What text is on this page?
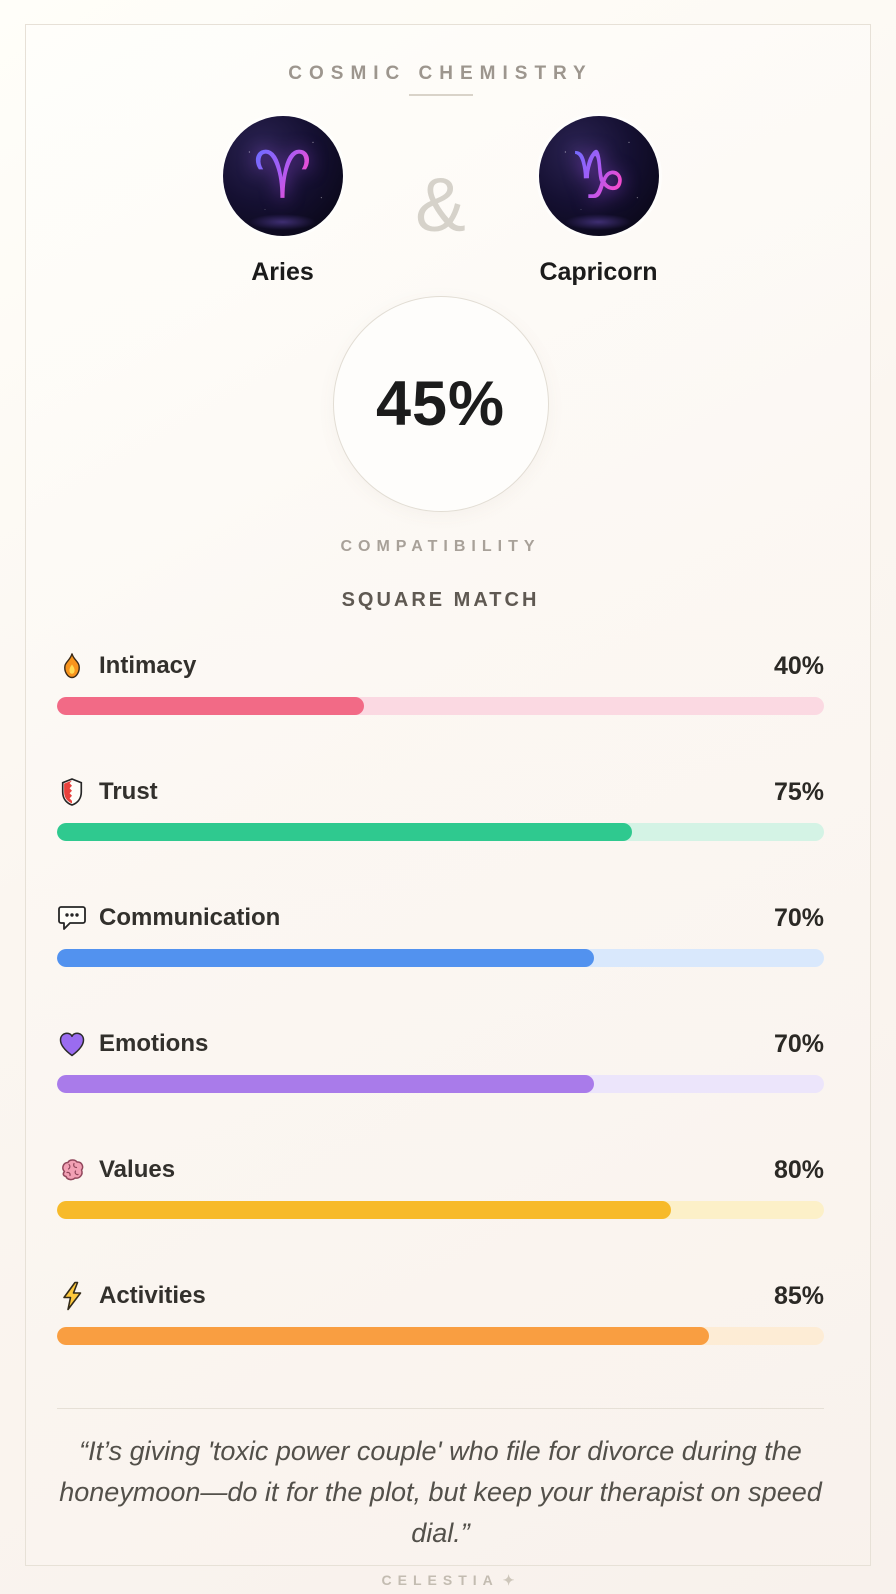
COSMIC CHEMISTRY
♈
Aries
&	♑
Capricorn
45%
COMPATIBILITY
SQUARE MATCH
Intimacy	40%
Trust	75%
Communication	70%
Emotions	70%
Values	80%
Activities	85%
“It’s giving 'toxic power couple' who file for divorce during the honeymoon—do it for the plot, but keep your therapist on speed dial.”
CELESTIA ✦
